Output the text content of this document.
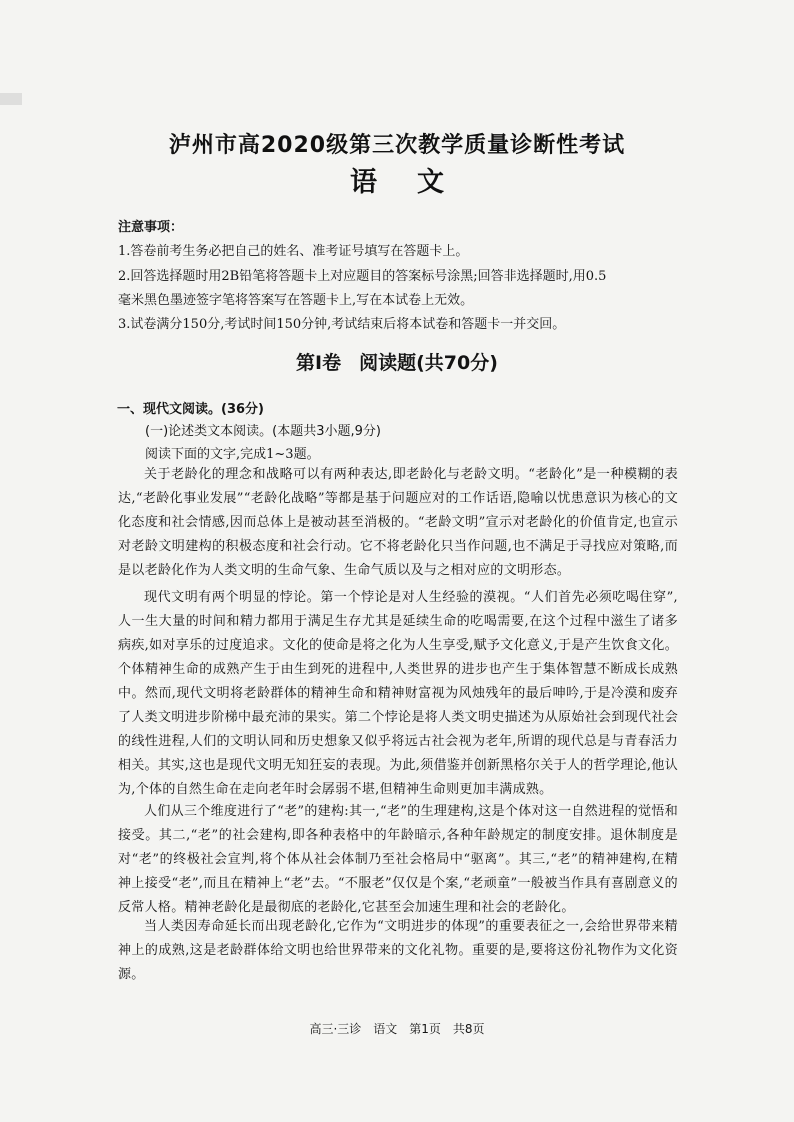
泸州市高2020级第三次教学质量诊断性考试
语 文
注意事项：
1.答卷前考生务必把自己的姓名、准考证号填写在答题卡上。
2.回答选择题时用2B铅笔将答题卡上对应题目的答案标号涂黑;回答非选择题时,用0.5
毫米黑色墨迹签字笔将答案写在答题卡上,写在本试卷上无效。
3.试卷满分150分,考试时间150分钟,考试结束后将本试卷和答题卡一并交回。
第Ⅰ卷 阅读题(共70分)
一、现代文阅读。(36分)
(一)论述类文本阅读。(本题共3小题,9分)
阅读下面的文字,完成1~3题。

关于老龄化的理念和战略可以有两种表达,即老龄化与老龄文明。“老龄化”是一种模糊的表达,“老龄化事业发展”“老龄化战略”等都是基于问题应对的工作话语,隐喻以忧患意识为核心的文化态度和社会情感,因而总体上是被动甚至消极的。“老龄文明”宣示对老龄化的价值肯定,也宣示对老龄文明建构的积极态度和社会行动。它不将老龄化只当作问题,也不满足于寻找应对策略,而是以老龄化作为人类文明的生命气象、生命气质以及与之相对应的文明形态。

现代文明有两个明显的悖论。第一个悖论是对人生经验的漠视。“人们首先必须吃喝住穿”,人一生大量的时间和精力都用于满足生存尤其是延续生命的吃喝需要,在这个过程中滋生了诸多病疾,如对享乐的过度追求。文化的使命是将之化为人生享受,赋予文化意义,于是产生饮食文化。个体精神生命的成熟产生于由生到死的进程中,人类世界的进步也产生于集体智慧不断成长成熟中。然而,现代文明将老龄群体的精神生命和精神财富视为风烛残年的最后呻吟,于是冷漠和废弃了人类文明进步阶梯中最充沛的果实。第二个悖论是将人类文明史描述为从原始社会到现代社会的线性进程,人们的文明认同和历史想象又似乎将远古社会视为老年,所谓的现代总是与青春活力相关。其实,这也是现代文明无知狂妄的表现。为此,须借鉴并创新黑格尔关于人的哲学理论,他认为,个体的自然生命在走向老年时会孱弱不堪,但精神生命则更加丰满成熟。

人们从三个维度进行了“老”的建构:其一,“老”的生理建构,这是个体对这一自然进程的觉悟和接受。其二,“老”的社会建构,即各种表格中的年龄暗示,各种年龄规定的制度安排。退休制度是对“老”的终极社会宣判,将个体从社会体制乃至社会格局中“驱离”。其三,“老”的精神建构,在精神上接受“老”,而且在精神上“老”去。“不服老”仅仅是个案,“老顽童”一般被当作具有喜剧意义的反常人格。精神老龄化是最彻底的老龄化,它甚至会加速生理和社会的老龄化。

当人类因寿命延长而出现老龄化,它作为“文明进步的体现”的重要表征之一,会给世界带来精神上的成熟,这是老龄群体给文明也给世界带来的文化礼物。重要的是,要将这份礼物作为文化资源。

高三·三诊　语文　第1页　共8页
